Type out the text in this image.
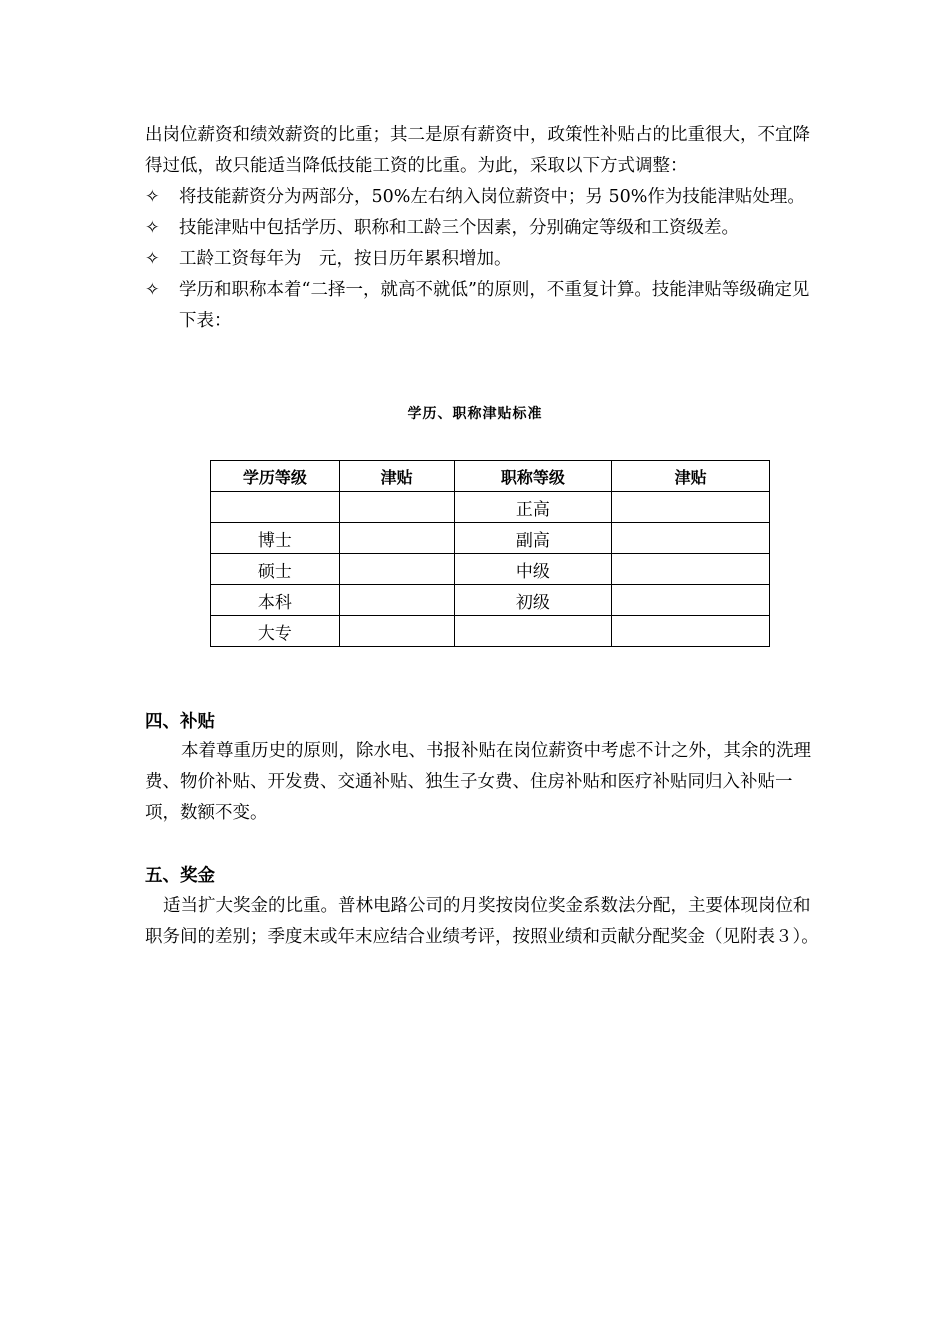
出岗位薪资和绩效薪资的比重；其二是原有薪资中，政策性补贴占的比重很大，不宜降得过低，故只能适当降低技能工资的比重。为此，采取以下方式调整：

✧	将技能薪资分为两部分，50%左右纳入岗位薪资中；另 50%作为技能津贴处理。
✧	技能津贴中包括学历、职称和工龄三个因素，分别确定等级和工资级差。
✧	工龄工资每年为　元，按日历年累积增加。
✧	学历和职称本着“二择一，就高不就低”的原则，不重复计算。技能津贴等级确定见下表：
学历、职称津贴标准
学历等级	津贴	职称等级	津贴
		正高	
博士		副高	
硕士		中级	
本科		初级	
大专			
四、补贴

本着尊重历史的原则，除水电、书报补贴在岗位薪资中考虑不计之外，其余的洗理费、物价补贴、开发费、交通补贴、独生子女费、住房补贴和医疗补贴同归入补贴一项，数额不变。

五、奖金

适当扩大奖金的比重。普林电路公司的月奖按岗位奖金系数法分配，主要体现岗位和职务间的差别；季度末或年末应结合业绩考评，按照业绩和贡献分配奖金（见附表３）。
